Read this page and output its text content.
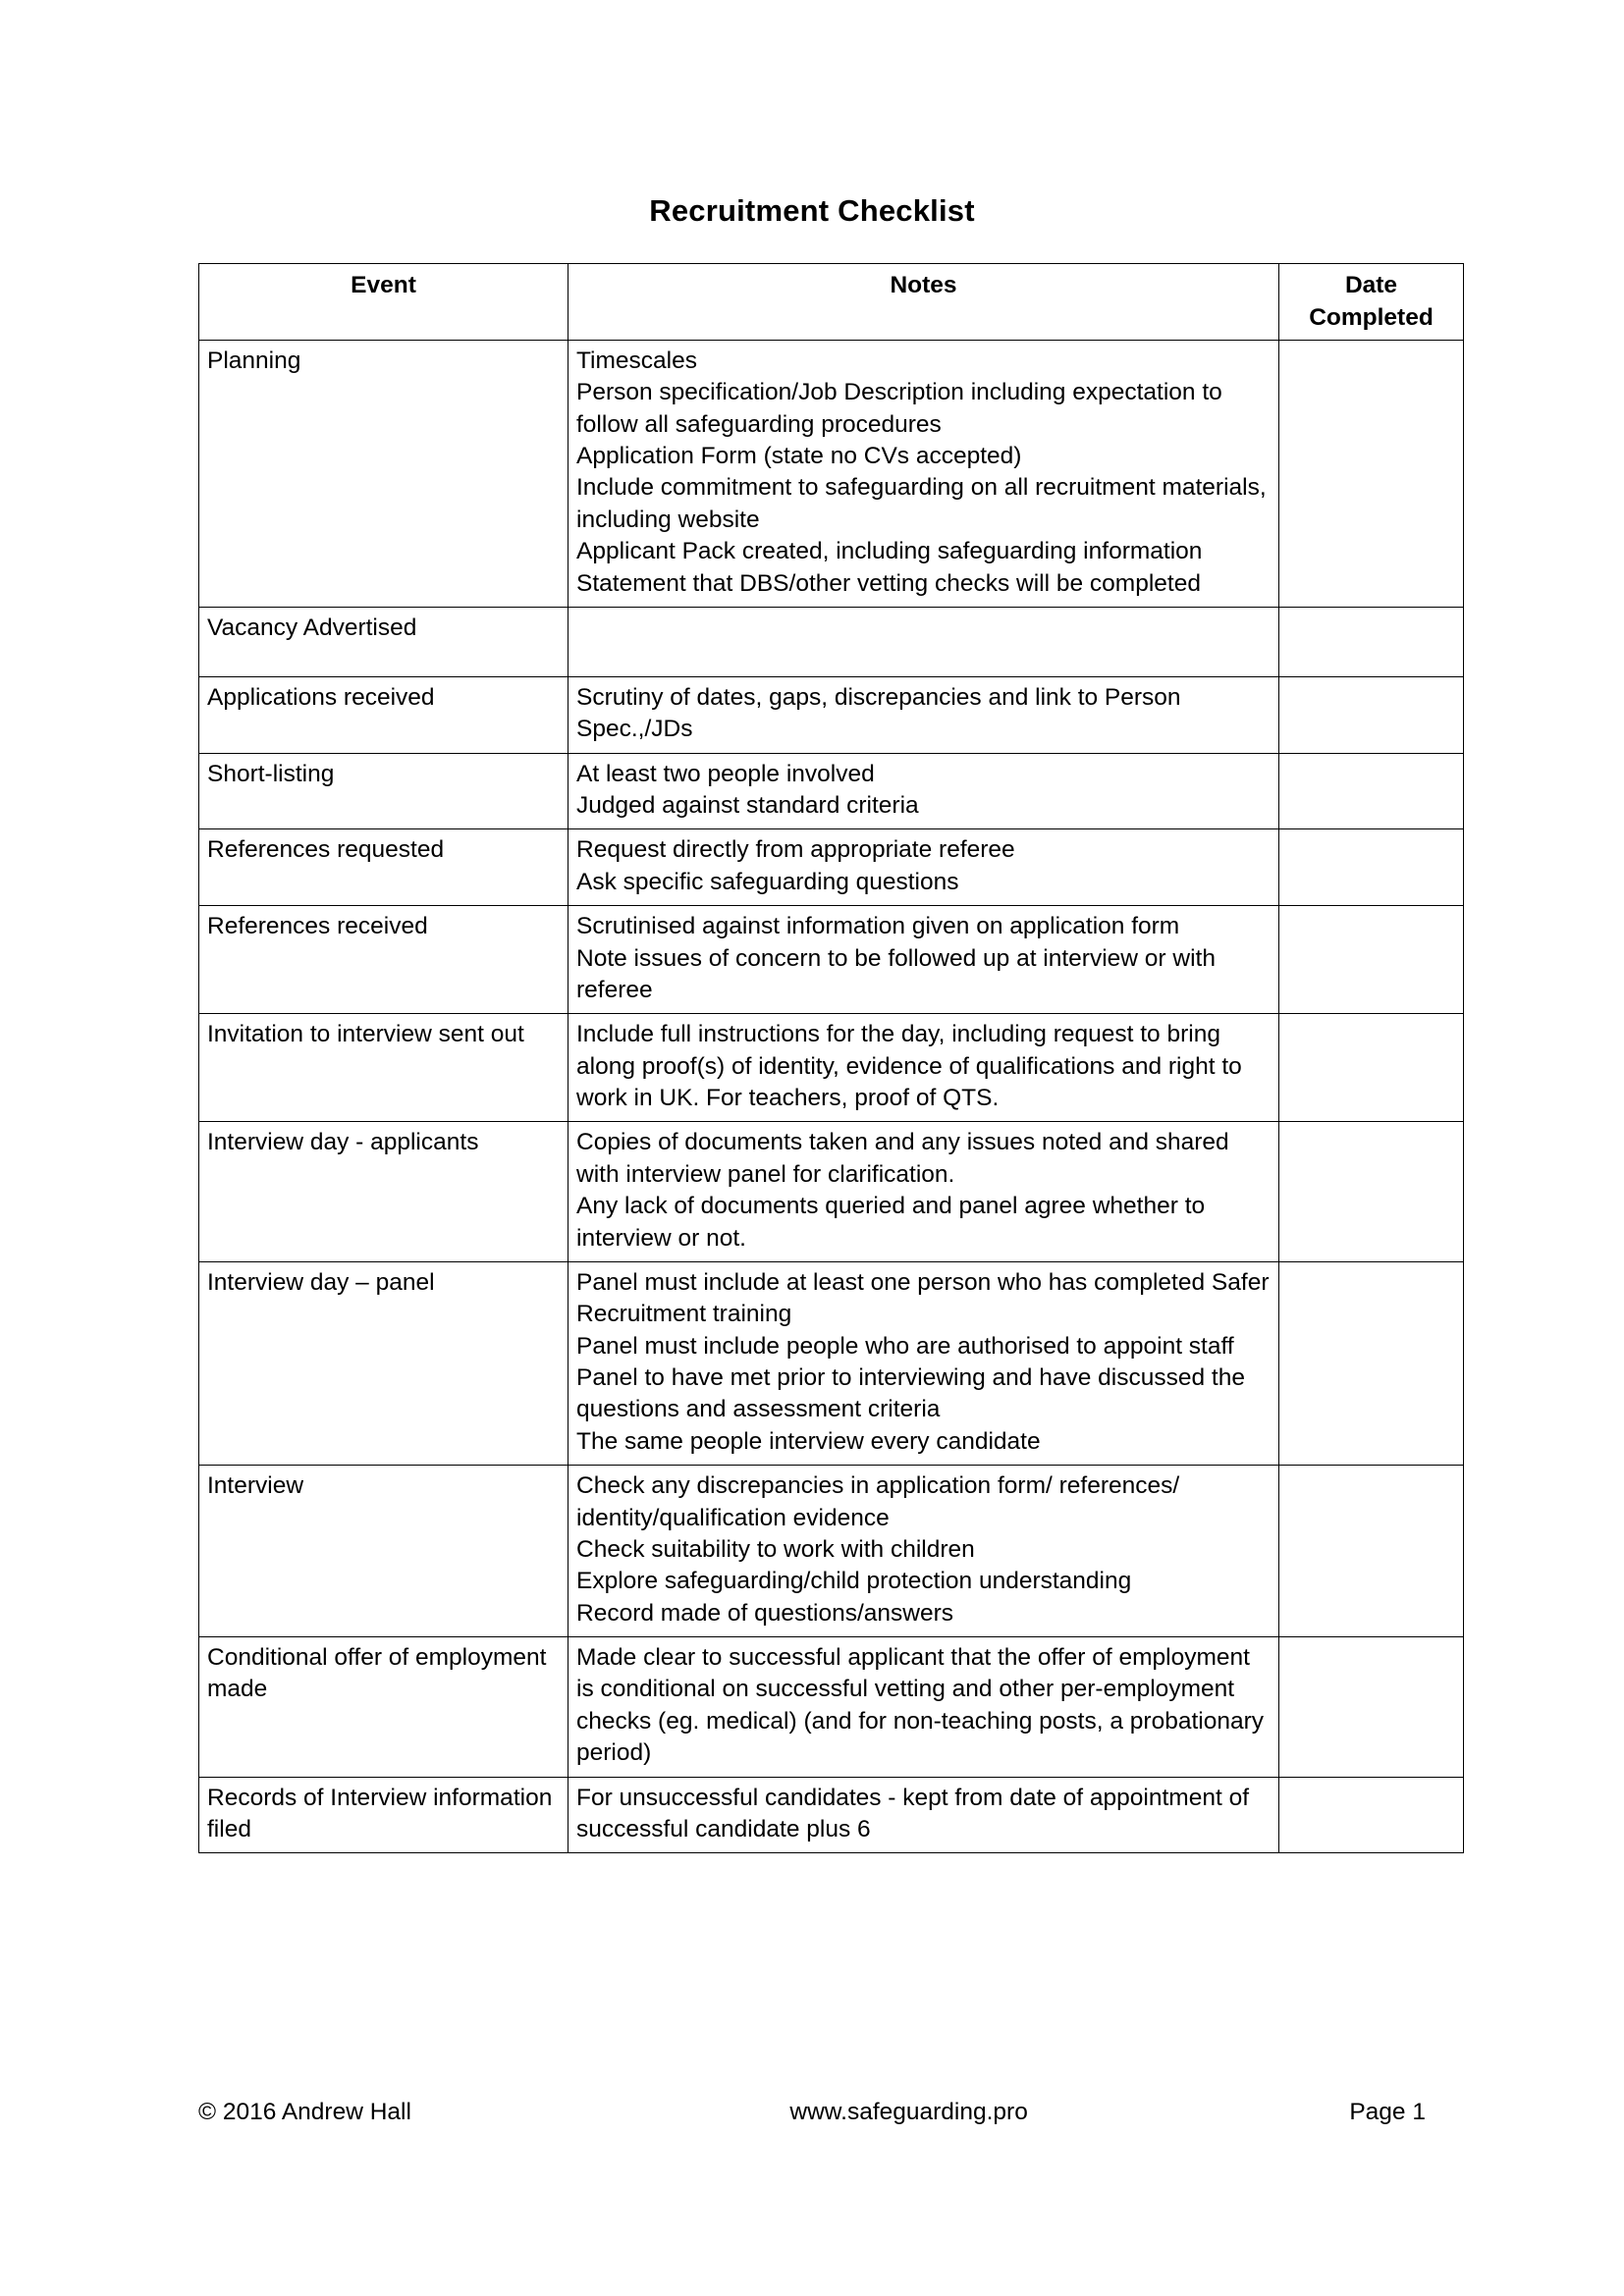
Recruitment Checklist
Event	Notes	Date Completed
Planning	Timescales
Person specification/Job Description including expectation to follow all safeguarding procedures
Application Form (state no CVs accepted)
Include commitment to safeguarding on all recruitment materials, including website
Applicant Pack created, including safeguarding information
Statement that DBS/other vetting checks will be completed

Vacancy Advertised		
Applications received	Scrutiny of dates, gaps, discrepancies and link to Person Spec.,/JDs	

Short-listing	At least two people involved
Judged against standard criteria	

References requested	Request directly from appropriate referee
Ask specific safeguarding questions	

References received	Scrutinised against information given on application form
Note issues of concern to be followed up at interview or with referee	

Invitation to interview sent out	Include full instructions for the day, including request to bring along proof(s) of identity, evidence of qualifications and right to work in UK. For teachers, proof of QTS.	

Interview day - applicants	Copies of documents taken and any issues noted and shared with interview panel for clarification.
Any lack of documents queried and panel agree whether to interview or not.	

Interview day – panel	Panel must include at least one person who has completed Safer Recruitment training
Panel must include people who are authorised to appoint staff
Panel to have met prior to interviewing and have discussed the questions and assessment criteria
The same people interview every candidate	

Interview	Check any discrepancies in application form/ references/ identity/qualification evidence
Check suitability to work with children
Explore safeguarding/child protection understanding
Record made of questions/answers	

Conditional offer of employment made	Made clear to successful applicant that the offer of employment is conditional on successful vetting and other per-employment checks (eg. medical) (and for non-teaching posts, a probationary period)	

Records of Interview information filed	For unsuccessful candidates - kept from date of appointment of successful candidate plus 6	

© 2016 Andrew Hall	www.safeguarding.pro	Page 1
